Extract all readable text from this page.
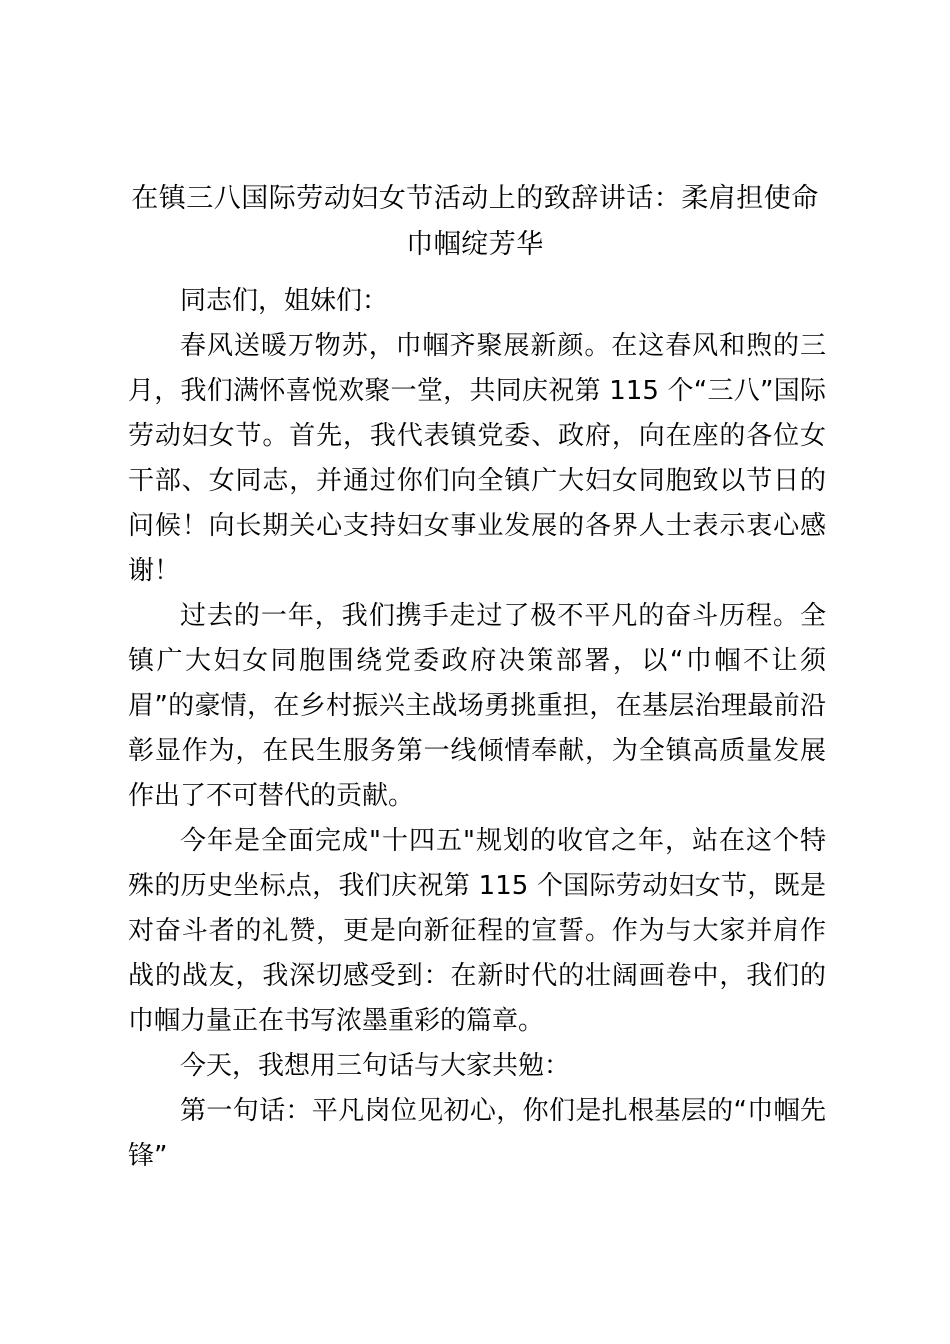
在镇三八国际劳动妇女节活动上的致辞讲话：柔肩担使命巾帼绽芳华

同志们，姐妹们：

春风送暖万物苏，巾帼齐聚展新颜。在这春风和煦的三月，我们满怀喜悦欢聚一堂，共同庆祝第 115 个“三八”国际劳动妇女节。首先，我代表镇党委、政府，向在座的各位女干部、女同志，并通过你们向全镇广大妇女同胞致以节日的问候！向长期关心支持妇女事业发展的各界人士表示衷心感谢！

过去的一年，我们携手走过了极不平凡的奋斗历程。全镇广大妇女同胞围绕党委政府决策部署，以“巾帼不让须眉”的豪情，在乡村振兴主战场勇挑重担，在基层治理最前沿彰显作为，在民生服务第一线倾情奉献，为全镇高质量发展作出了不可替代的贡献。

今年是全面完成"十四五"规划的收官之年，站在这个特殊的历史坐标点，我们庆祝第 115 个国际劳动妇女节，既是对奋斗者的礼赞，更是向新征程的宣誓。作为与大家并肩作战的战友，我深切感受到：在新时代的壮阔画卷中，我们的巾帼力量正在书写浓墨重彩的篇章。

今天，我想用三句话与大家共勉：

第一句话：平凡岗位见初心，你们是扎根基层的“巾帼先锋”
